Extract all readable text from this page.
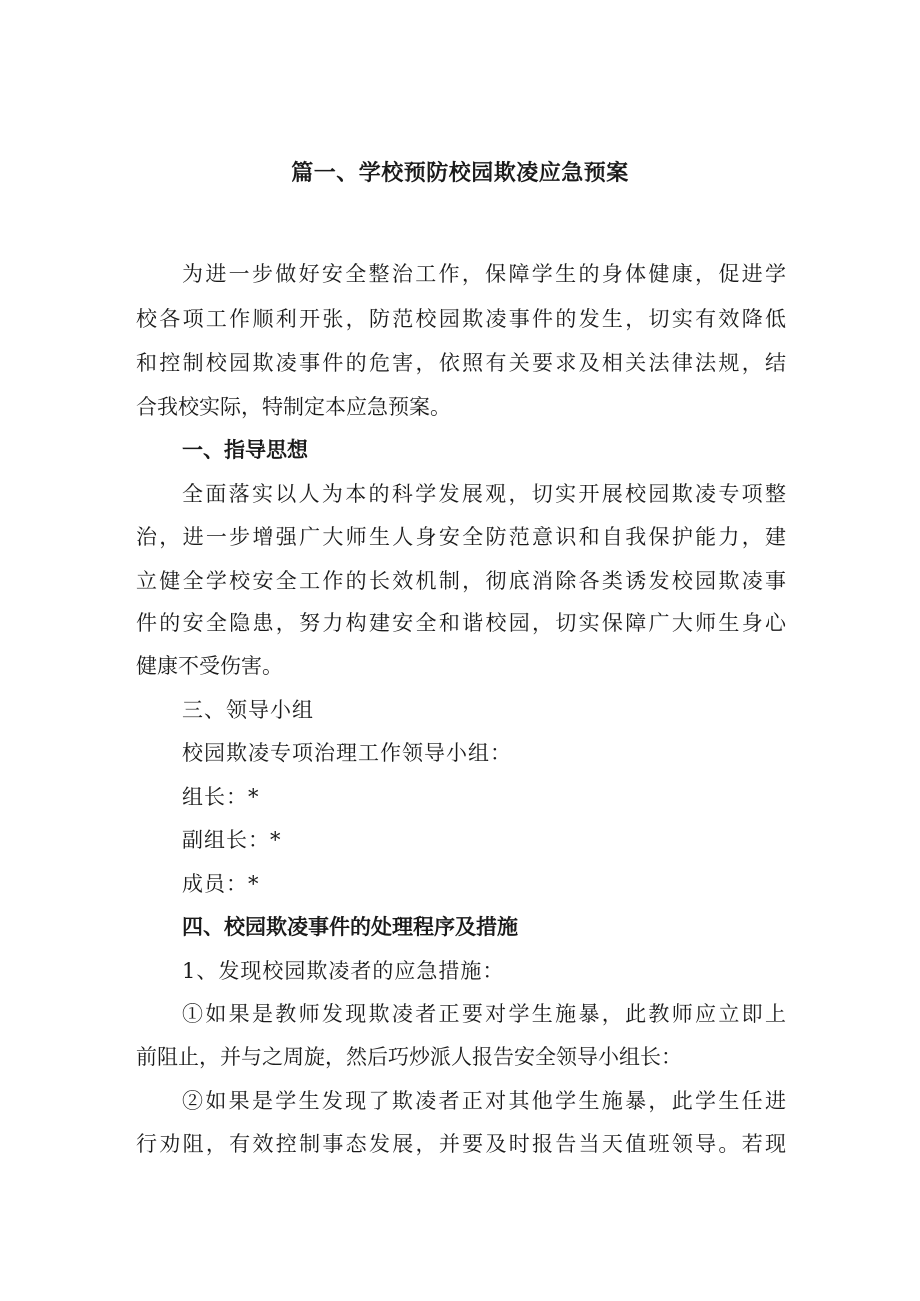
篇一、学校预防校园欺凌应急预案
为进一步做好安全整治工作，保障学生的身体健康，促进学
校各项工作顺利开张，防范校园欺凌事件的发生，切实有效降低
和控制校园欺凌事件的危害，依照有关要求及相关法律法规，结
合我校实际，特制定本应急预案。
一、指导思想
全面落实以人为本的科学发展观，切实开展校园欺凌专项整
治，进一步增强广大师生人身安全防范意识和自我保护能力，建
立健全学校安全工作的长效机制，彻底消除各类诱发校园欺凌事
件的安全隐患，努力构建安全和谐校园，切实保障广大师生身心
健康不受伤害。
三、领导小组
校园欺凌专项治理工作领导小组：
组长：*
副组长：*
成员：*
四、校园欺凌事件的处理程序及措施
1、发现校园欺凌者的应急措施：
①如果是教师发现欺凌者正要对学生施暴，此教师应立即上
前阻止，并与之周旋，然后巧炒派人报告安全领导小组长：
②如果是学生发现了欺凌者正对其他学生施暴，此学生任进
行劝阻，有效控制事态发展，并要及时报告当天值班领导。若现
